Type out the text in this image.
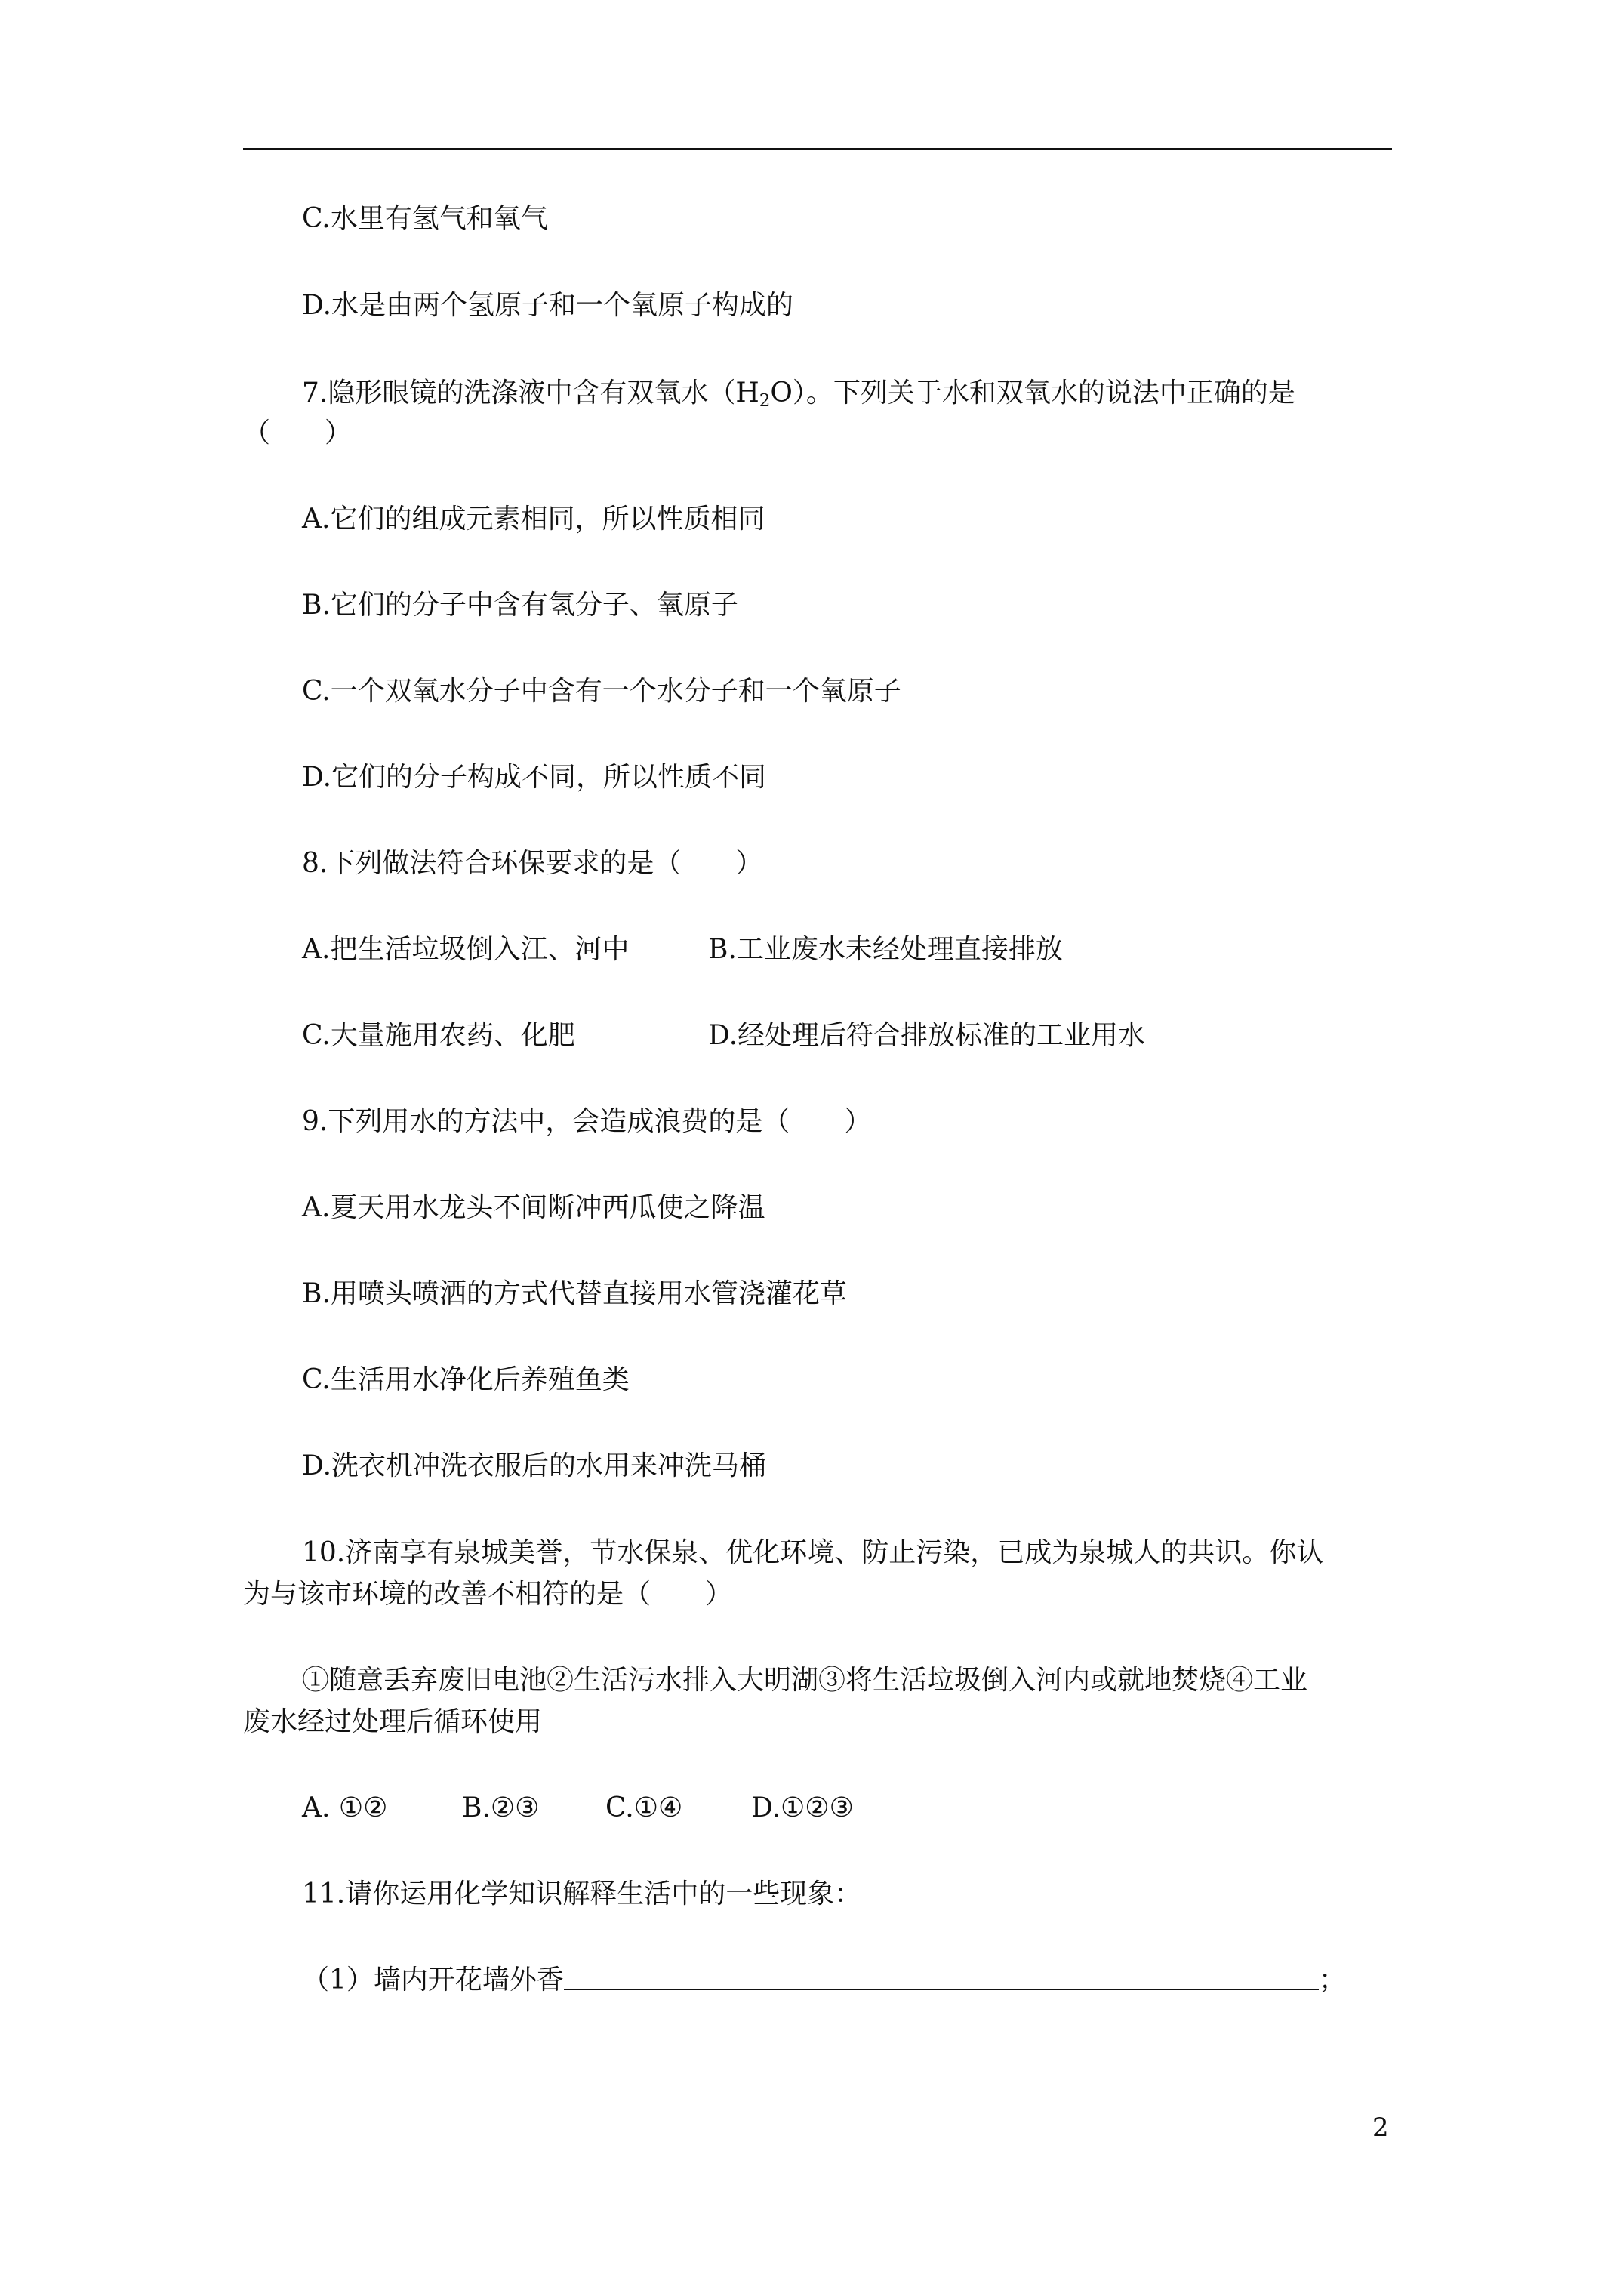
C.水里有氢气和氧气
D.水是由两个氢原子和一个氧原子构成的
7.隐形眼镜的洗涤液中含有双氧水$(H_2O)$。下列关于水和双氧水的说法中正确的是
（　　）
A.它们的组成元素相同，所以性质相同
B.它们的分子中含有氢分子、氧原子
C.一个双氧水分子中含有一个水分子和一个氧原子
D.它们的分子构成不同，所以性质不同
8.下列做法符合环保要求的是（　　）
A.把生活垃圾倒入江、河中	B.工业废水未经处理直接排放
C.大量施用农药、化肥	D.经处理后符合排放标准的工业用水
9.下列用水的方法中，会造成浪费的是（　　）
A.夏天用水龙头不间断冲西瓜使之降温
B.用喷头喷洒的方式代替直接用水管浇灌花草
C.生活用水净化后养殖鱼类
D.洗衣机冲洗衣服后的水用来冲洗马桶
10.济南享有泉城美誉，节水保泉、优化环境、防止污染，已成为泉城人的共识。你认
为与该市环境的改善不相符的是（　　）
①随意丢弃废旧电池②生活污水排入大明湖③将生活垃圾倒入河内或就地焚烧④工业
废水经过处理后循环使用
A. ①②	B.②③ C.①④	D.①②③
11.请你运用化学知识解释生活中的一些现象：
（1）墙内开花墙外香	；
2
